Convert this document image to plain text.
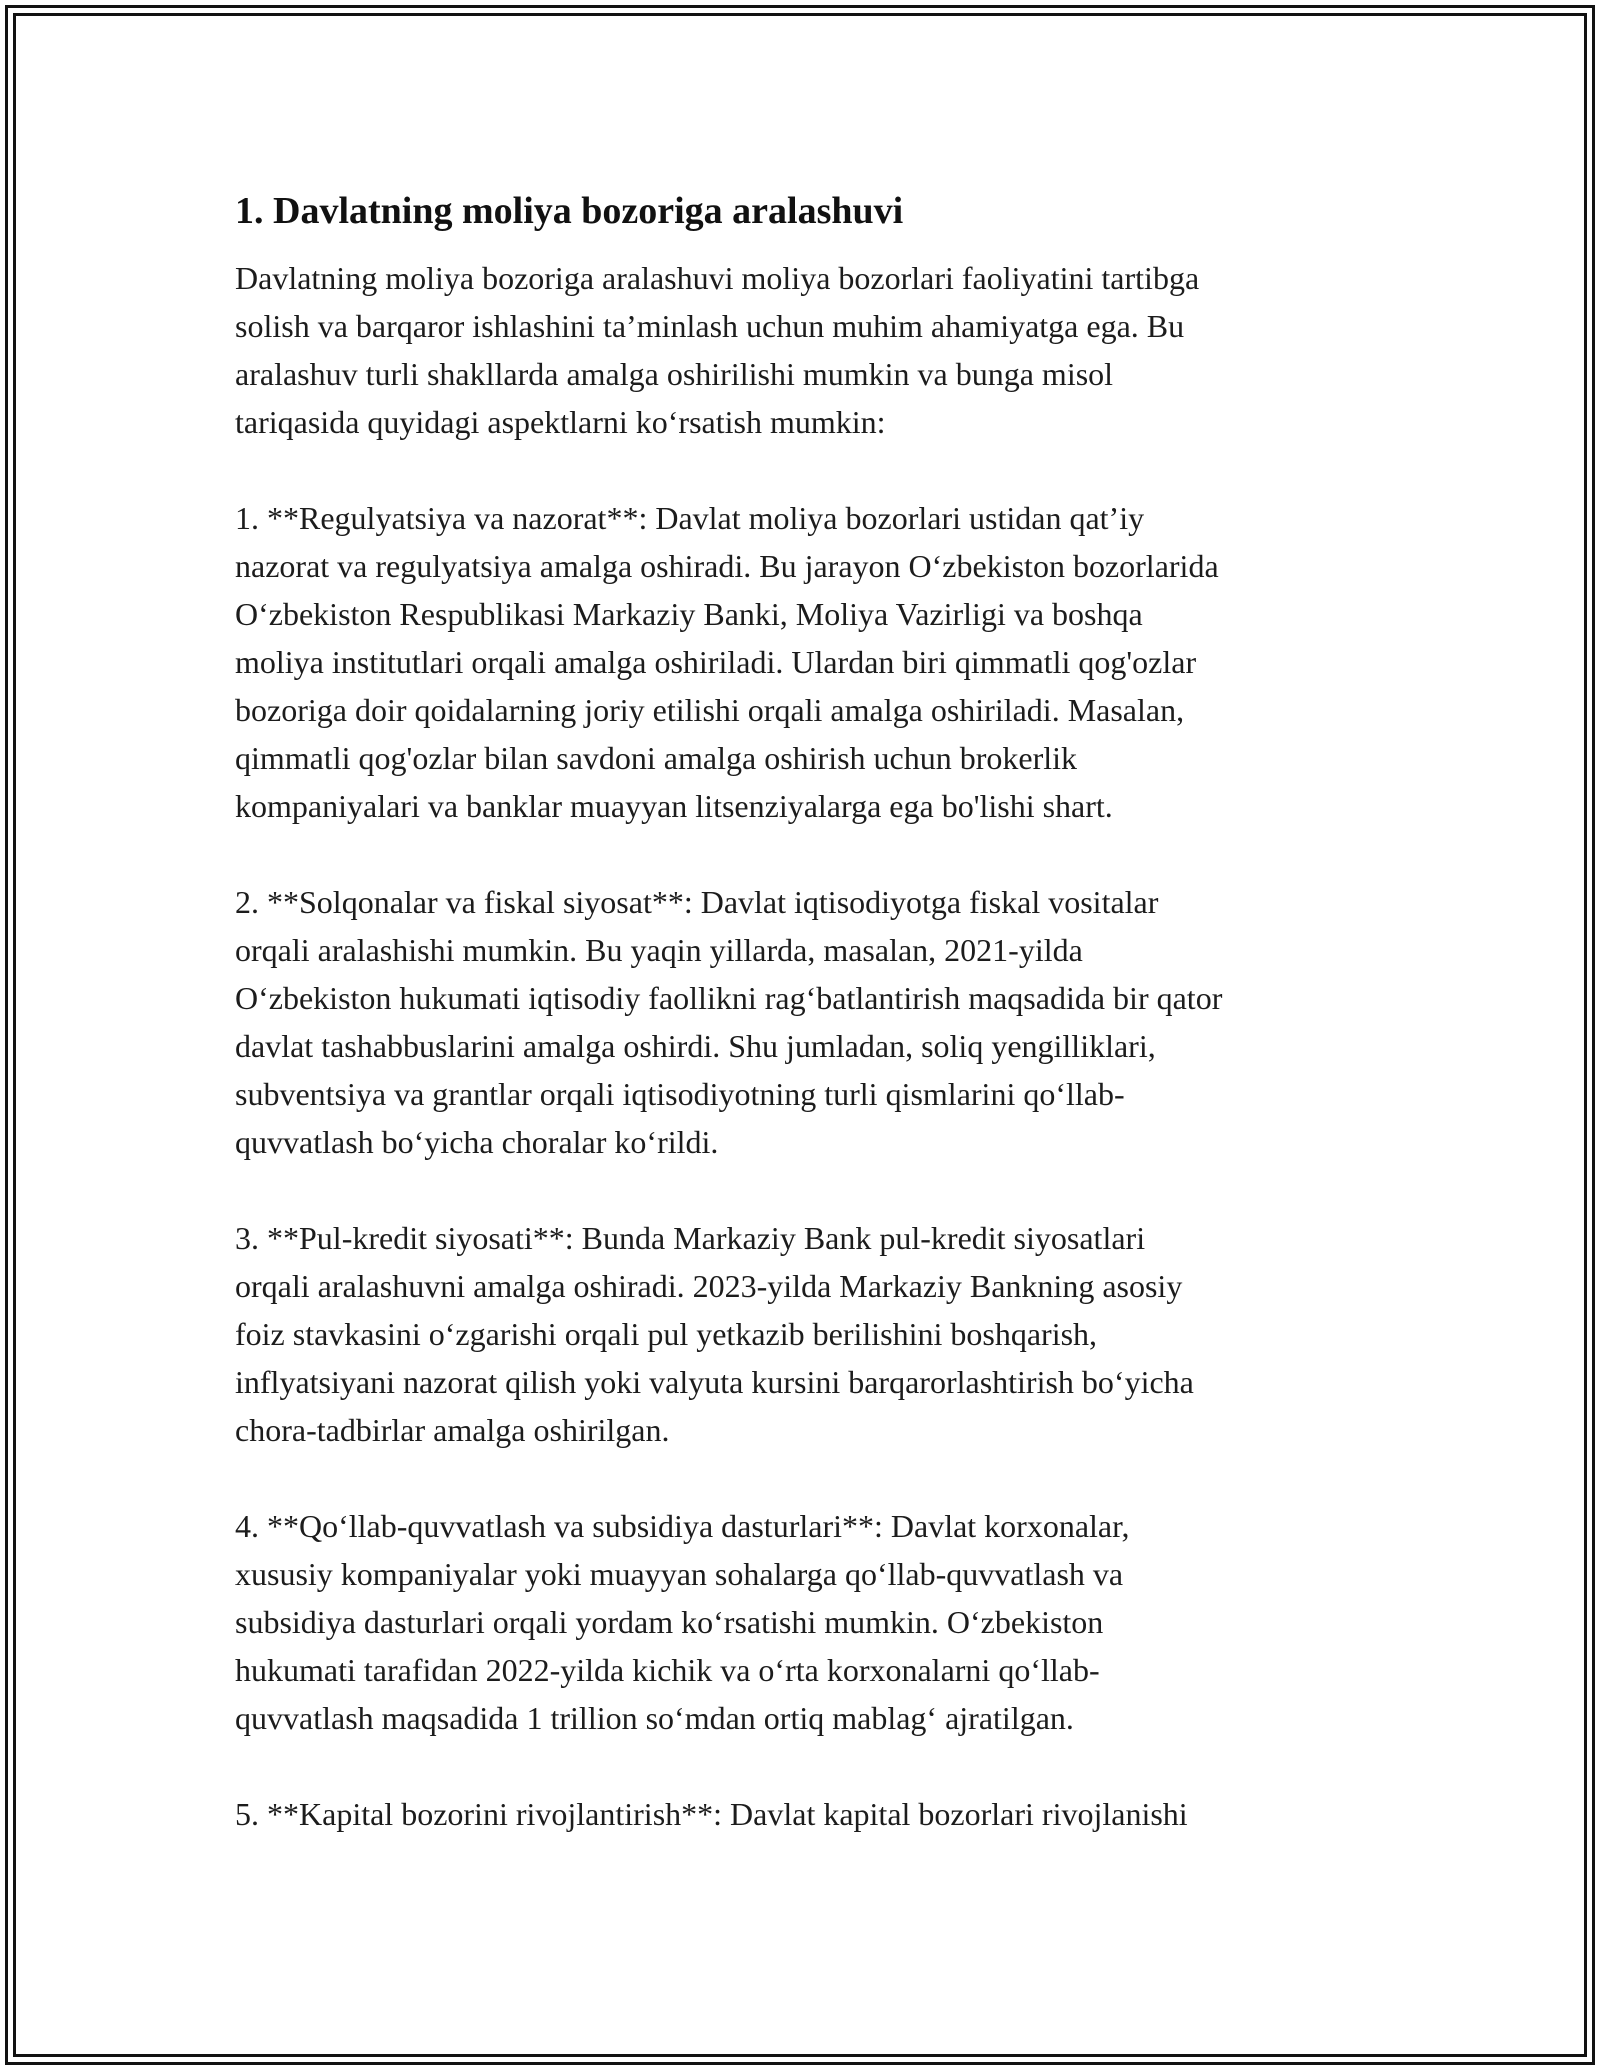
1. Davlatning moliya bozoriga aralashuvi
Davlatning moliya bozoriga aralashuvi moliya bozorlari faoliyatini tartibga
solish va barqaror ishlashini ta’minlash uchun muhim ahamiyatga ega. Bu
aralashuv turli shakllarda amalga oshirilishi mumkin va bunga misol
tariqasida quyidagi aspektlarni ko‘rsatish mumkin:
1. **Regulyatsiya va nazorat**: Davlat moliya bozorlari ustidan qat’iy
nazorat va regulyatsiya amalga oshiradi. Bu jarayon O‘zbekiston bozorlarida
O‘zbekiston Respublikasi Markaziy Banki, Moliya Vazirligi va boshqa
moliya institutlari orqali amalga oshiriladi. Ulardan biri qimmatli qog'ozlar
bozoriga doir qoidalarning joriy etilishi orqali amalga oshiriladi. Masalan,
qimmatli qog'ozlar bilan savdoni amalga oshirish uchun brokerlik
kompaniyalari va banklar muayyan litsenziyalarga ega bo'lishi shart.
2. **Solqonalar va fiskal siyosat**: Davlat iqtisodiyotga fiskal vositalar
orqali aralashishi mumkin. Bu yaqin yillarda, masalan, 2021-yilda
O‘zbekiston hukumati iqtisodiy faollikni rag‘batlantirish maqsadida bir qator
davlat tashabbuslarini amalga oshirdi. Shu jumladan, soliq yengilliklari,
subventsiya va grantlar orqali iqtisodiyotning turli qismlarini qo‘llab-
quvvatlash bo‘yicha choralar ko‘rildi.
3. **Pul-kredit siyosati**: Bunda Markaziy Bank pul-kredit siyosatlari
orqali aralashuvni amalga oshiradi. 2023-yilda Markaziy Bankning asosiy
foiz stavkasini o‘zgarishi orqali pul yetkazib berilishini boshqarish,
inflyatsiyani nazorat qilish yoki valyuta kursini barqarorlashtirish bo‘yicha
chora-tadbirlar amalga oshirilgan.
4. **Qo‘llab-quvvatlash va subsidiya dasturlari**: Davlat korxonalar,
xususiy kompaniyalar yoki muayyan sohalarga qo‘llab-quvvatlash va
subsidiya dasturlari orqali yordam ko‘rsatishi mumkin. O‘zbekiston
hukumati tarafidan 2022-yilda kichik va o‘rta korxonalarni qo‘llab-
quvvatlash maqsadida 1 trillion so‘mdan ortiq mablag‘ ajratilgan.
5. **Kapital bozorini rivojlantirish**: Davlat kapital bozorlari rivojlanishi
